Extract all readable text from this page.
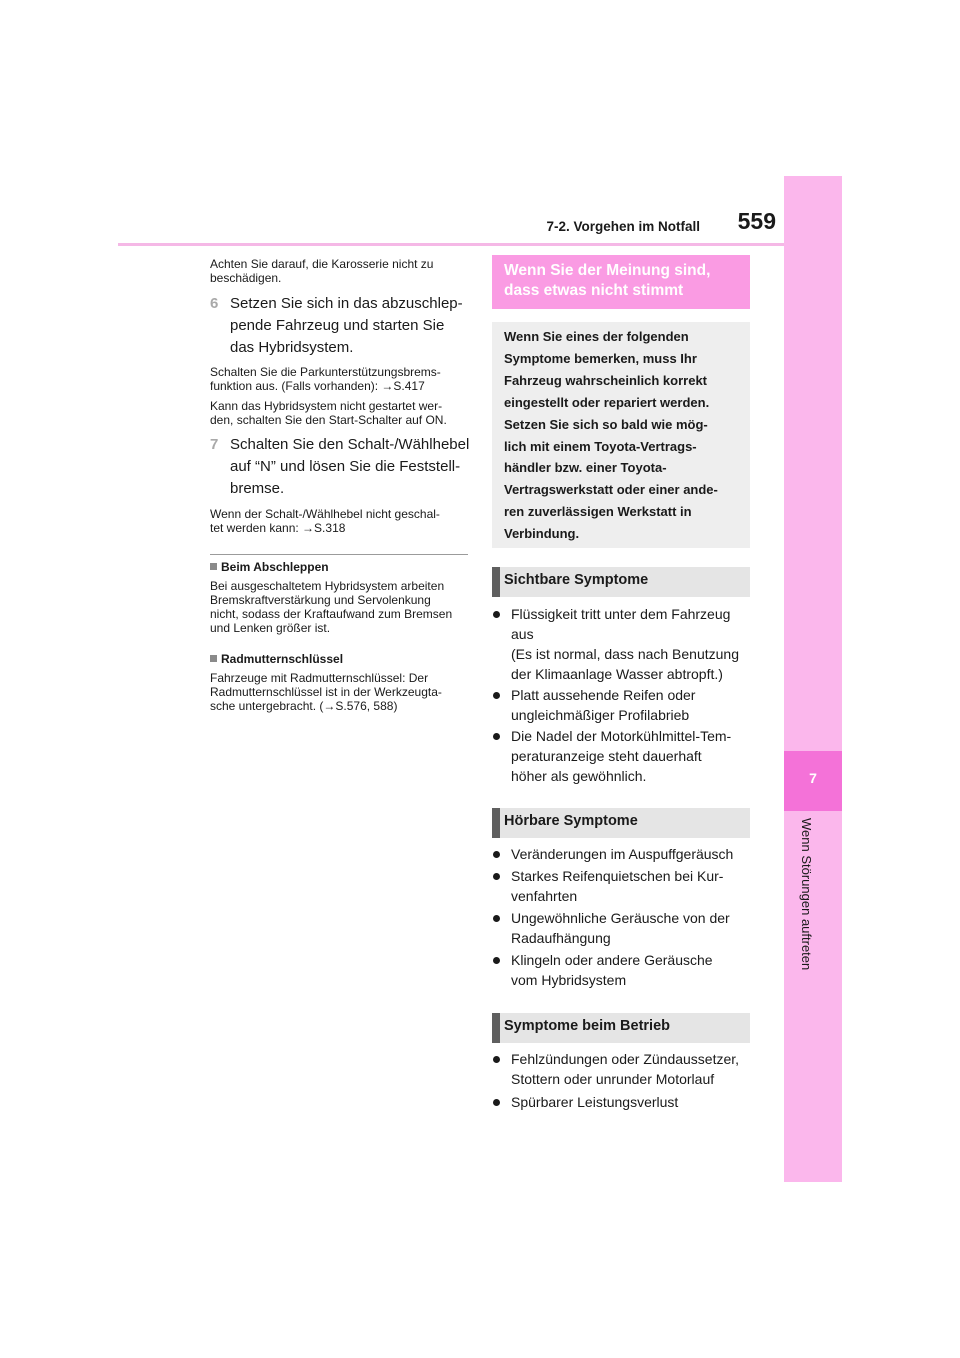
7-2. Vorgehen im Notfall	559
7
Wenn Störungen auftreten
Achten Sie darauf, die Karosserie nicht zu
beschädigen.
6 Setzen Sie sich in das abzuschlep-
pende Fahrzeug und starten Sie
das Hybridsystem.
Schalten Sie die Parkunterstützungsbrems-
funktion aus. (Falls vorhanden): →S.417
Kann das Hybridsystem nicht gestartet wer-
den, schalten Sie den Start-Schalter auf ON.
7 Schalten Sie den Schalt-/Wählhebel
auf “N” und lösen Sie die Feststell-
bremse.
Wenn der Schalt-/Wählhebel nicht geschal-
tet werden kann: →S.318
Beim Abschleppen
Bei ausgeschaltetem Hybridsystem arbeiten
Bremskraftverstärkung und Servolenkung
nicht, sodass der Kraftaufwand zum Bremsen
und Lenken größer ist.
Radmutternschlüssel
Fahrzeuge mit Radmutternschlüssel: Der
Radmutternschlüssel ist in der Werkzeugta-
sche untergebracht. (→S.576, 588)
Wenn Sie der Meinung sind,
dass etwas nicht stimmt
Wenn Sie eines der folgenden
Symptome bemerken, muss Ihr
Fahrzeug wahrscheinlich korrekt
eingestellt oder repariert werden.
Setzen Sie sich so bald wie mög-
lich mit einem Toyota-Vertrags-
händler bzw. einer Toyota-
Vertragswerkstatt oder einer ande-
ren zuverlässigen Werkstatt in
Verbindung.
Sichtbare Symptome
Flüssigkeit tritt unter dem Fahrzeug
aus
(Es ist normal, dass nach Benutzung
der Klimaanlage Wasser abtropft.)
Platt aussehende Reifen oder
ungleichmäßiger Profilabrieb
Die Nadel der Motorkühlmittel-Tem-
peraturanzeige steht dauerhaft
höher als gewöhnlich.
Hörbare Symptome
Veränderungen im Auspuffgeräusch
Starkes Reifenquietschen bei Kur-
venfahrten
Ungewöhnliche Geräusche von der
Radaufhängung
Klingeln oder andere Geräusche
vom Hybridsystem
Symptome beim Betrieb
Fehlzündungen oder Zündaussetzer,
Stottern oder unrunder Motorlauf
Spürbarer Leistungsverlust
